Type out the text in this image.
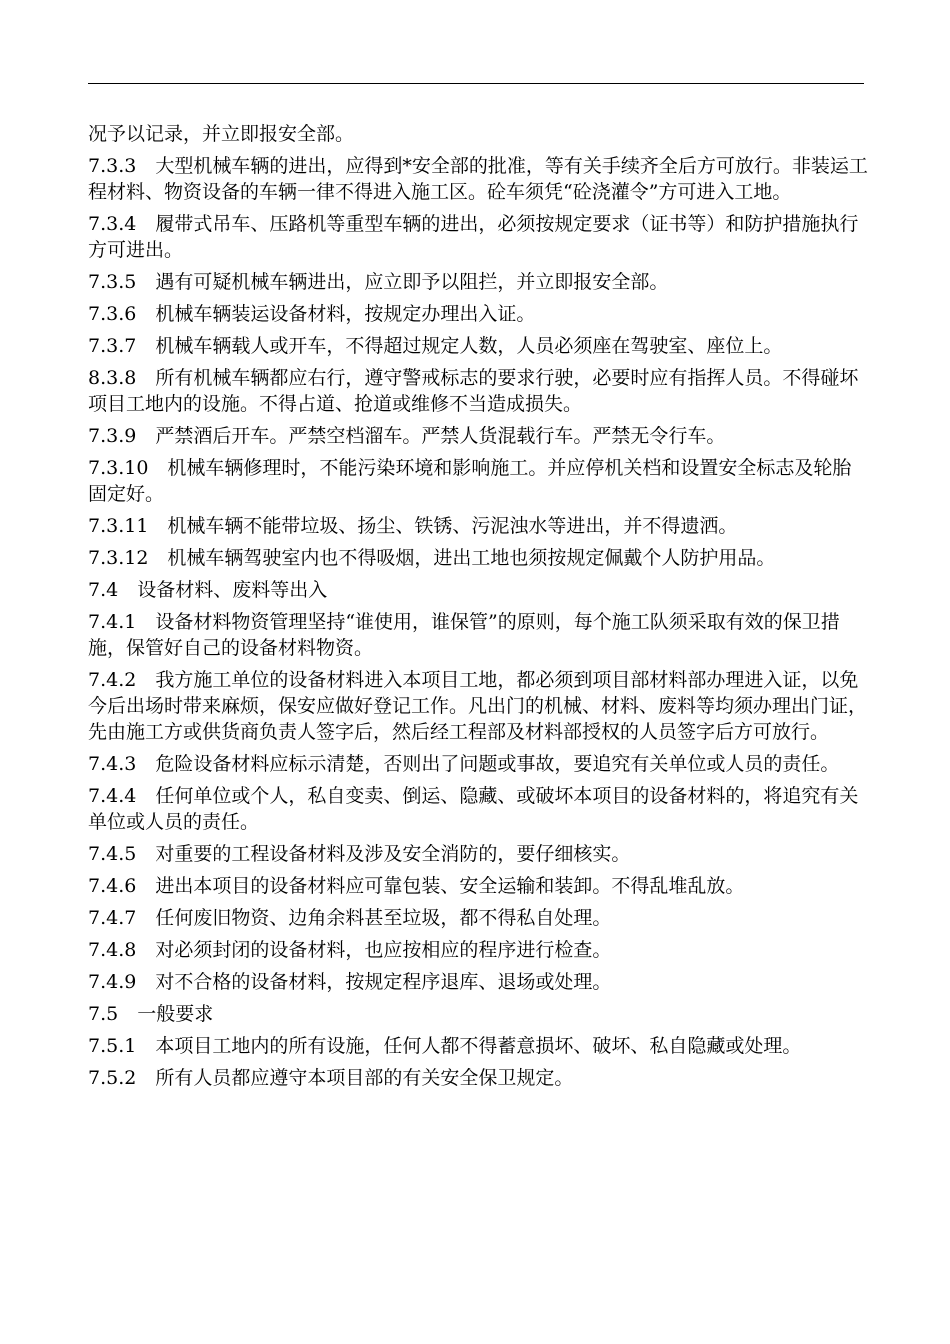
况予以记录，并立即报安全部。

7.3.3　大型机械车辆的进出，应得到*安全部的批准，等有关手续齐全后方可放行。非装运工程材料、物资设备的车辆一律不得进入施工区。砼车须凭“砼浇灌令”方可进入工地。

7.3.4　履带式吊车、压路机等重型车辆的进出，必须按规定要求（证书等）和防护措施执行方可进出。

7.3.5　遇有可疑机械车辆进出，应立即予以阻拦，并立即报安全部。

7.3.6　机械车辆装运设备材料，按规定办理出入证。

7.3.7　机械车辆载人或开车，不得超过规定人数，人员必须座在驾驶室、座位上。

8.3.8　所有机械车辆都应右行，遵守警戒标志的要求行驶，必要时应有指挥人员。不得碰坏项目工地内的设施。不得占道、抢道或维修不当造成损失。

7.3.9　严禁酒后开车。严禁空档溜车。严禁人货混载行车。严禁无令行车。

7.3.10　机械车辆修理时，不能污染环境和影响施工。并应停机关档和设置安全标志及轮胎固定好。

7.3.11　机械车辆不能带垃圾、扬尘、铁锈、污泥浊水等进出，并不得遗洒。

7.3.12　机械车辆驾驶室内也不得吸烟，进出工地也须按规定佩戴个人防护用品。

7.4　设备材料、废料等出入

7.4.1　设备材料物资管理坚持“谁使用，谁保管”的原则，每个施工队须采取有效的保卫措施，保管好自己的设备材料物资。

7.4.2　我方施工单位的设备材料进入本项目工地，都必须到项目部材料部办理进入证，以免今后出场时带来麻烦，保安应做好登记工作。凡出门的机械、材料、废料等均须办理出门证，先由施工方或供货商负责人签字后，然后经工程部及材料部授权的人员签字后方可放行。

7.4.3　危险设备材料应标示清楚，否则出了问题或事故，要追究有关单位或人员的责任。

7.4.4　任何单位或个人，私自变卖、倒运、隐藏、或破坏本项目的设备材料的，将追究有关单位或人员的责任。

7.4.5　对重要的工程设备材料及涉及安全消防的，要仔细核实。

7.4.6　进出本项目的设备材料应可靠包装、安全运输和装卸。不得乱堆乱放。

7.4.7　任何废旧物资、边角余料甚至垃圾，都不得私自处理。

7.4.8　对必须封闭的设备材料，也应按相应的程序进行检查。

7.4.9　对不合格的设备材料，按规定程序退库、退场或处理。

7.5　一般要求

7.5.1　本项目工地内的所有设施，任何人都不得蓄意损坏、破坏、私自隐藏或处理。

7.5.2　所有人员都应遵守本项目部的有关安全保卫规定。
